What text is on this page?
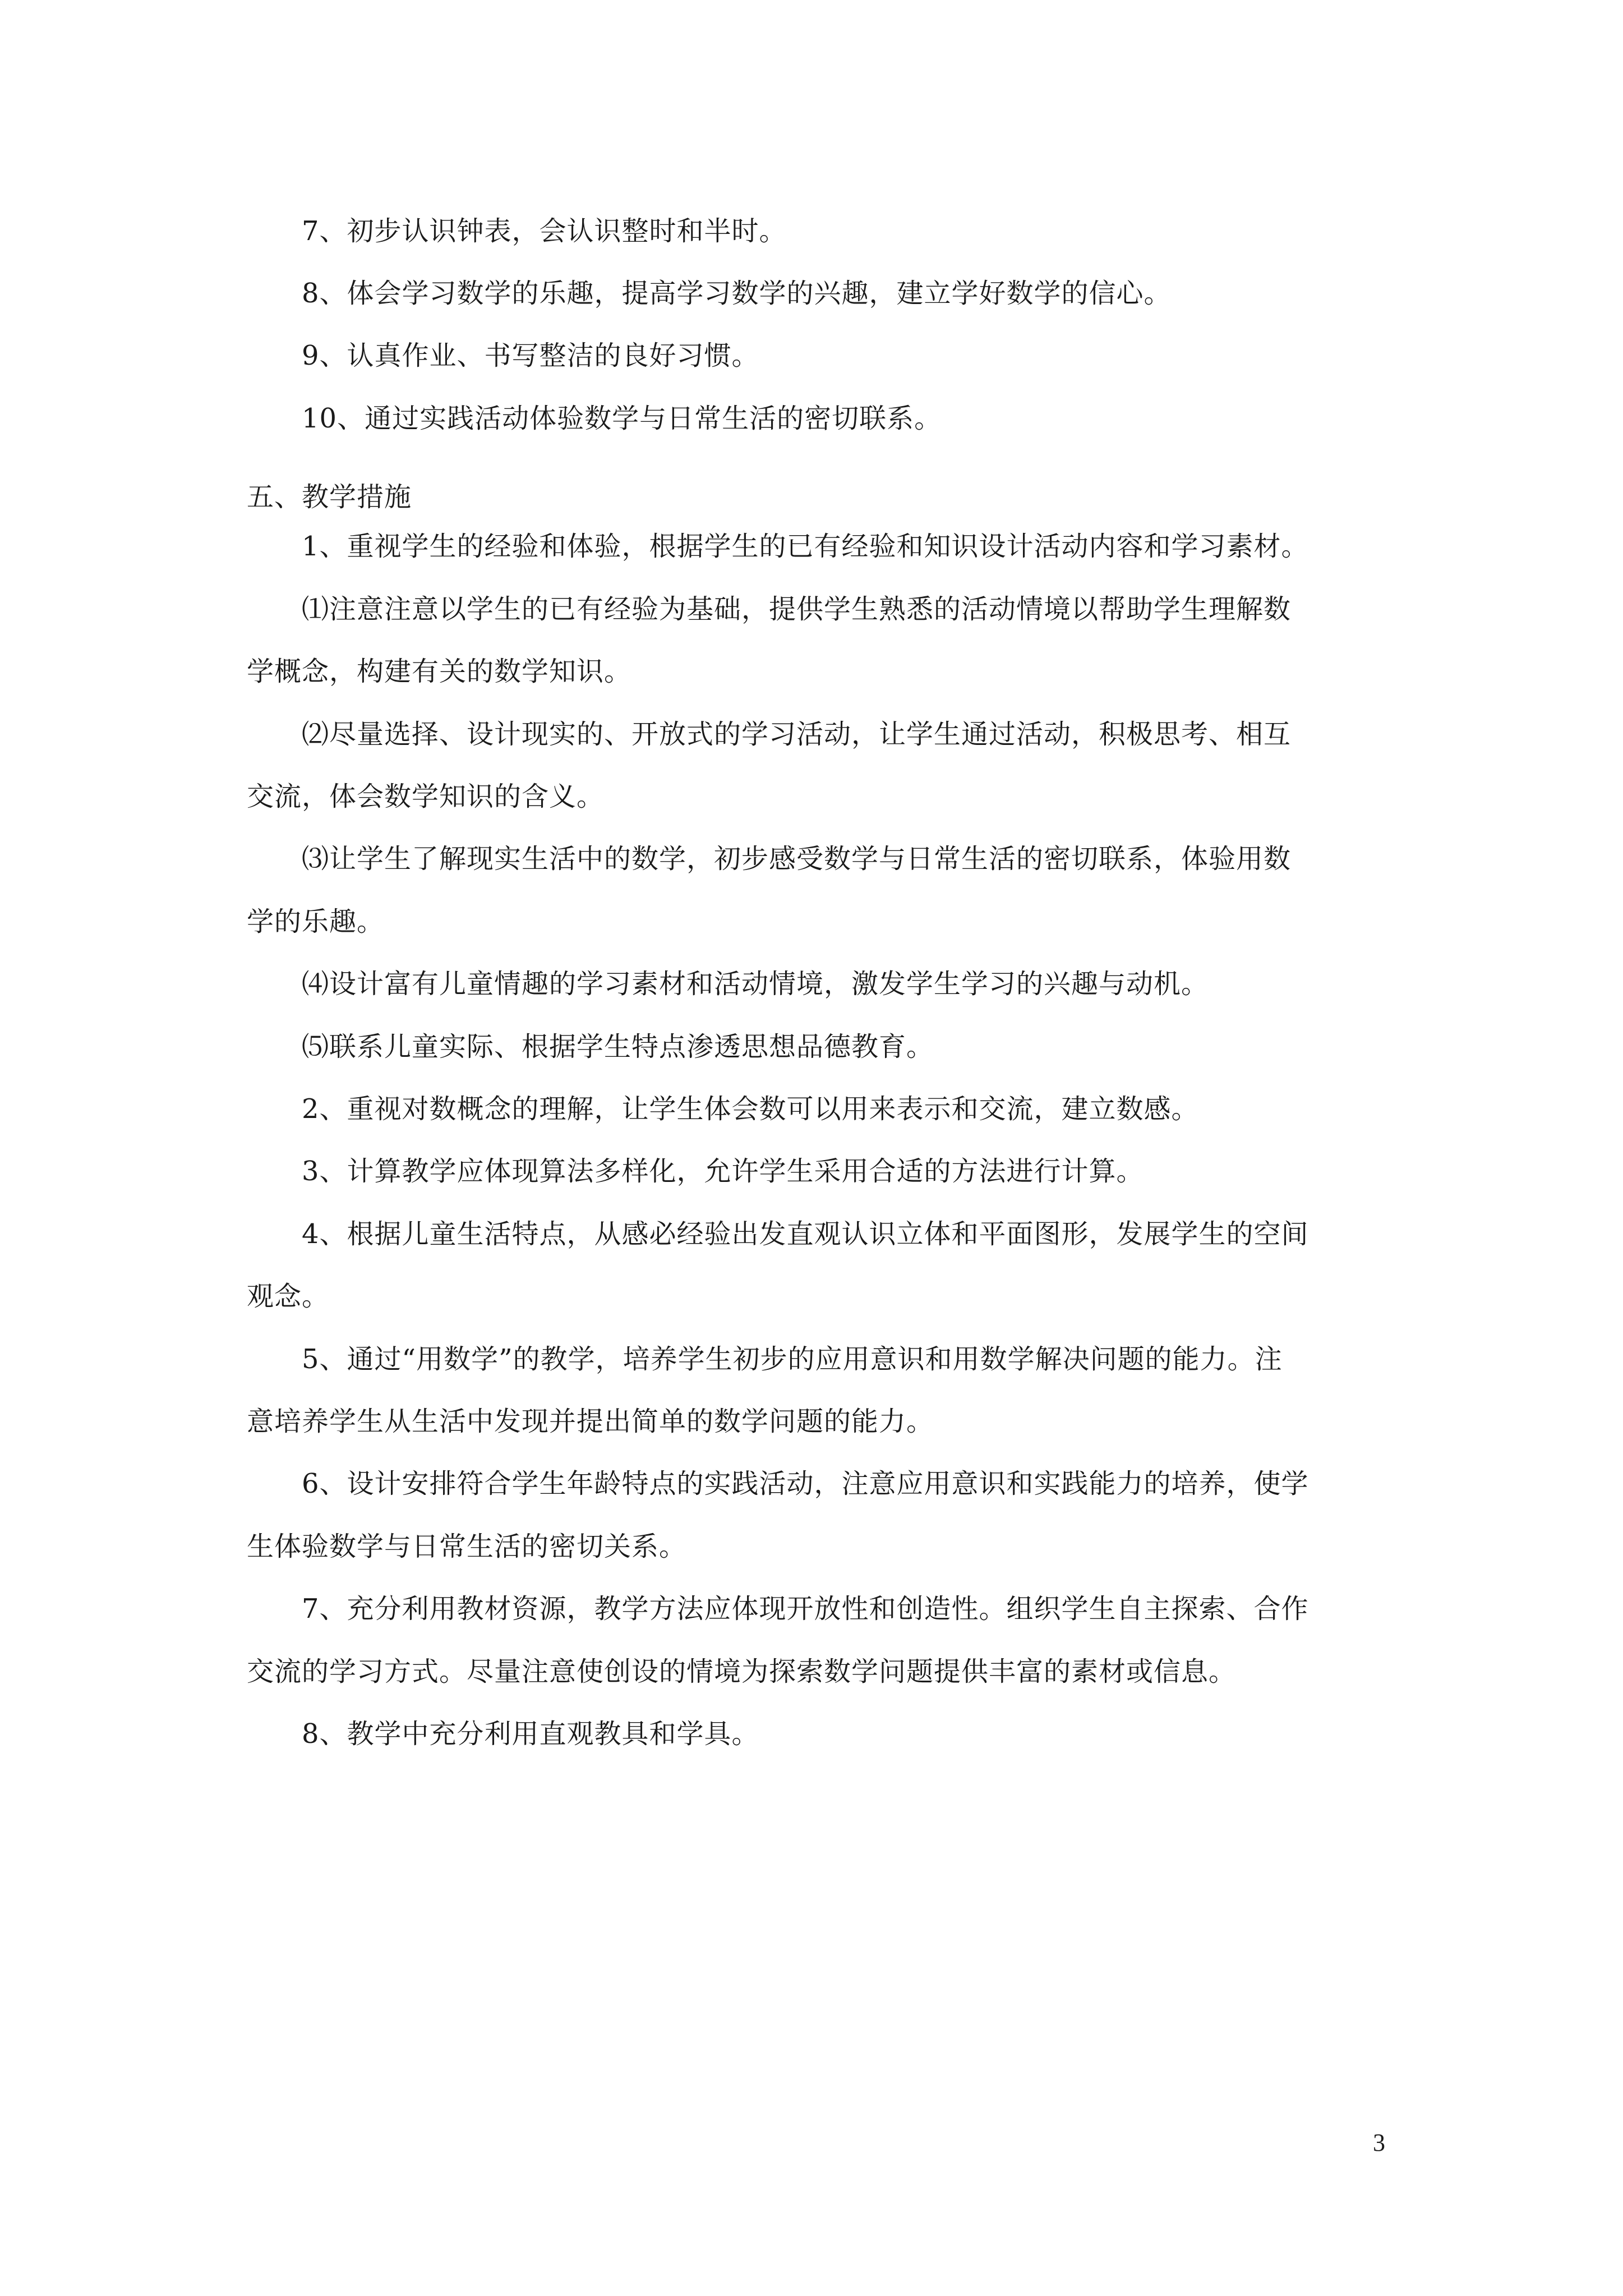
7、初步认识钟表，会认识整时和半时。
8、体会学习数学的乐趣，提高学习数学的兴趣，建立学好数学的信心。
9、认真作业、书写整洁的良好习惯。
10、通过实践活动体验数学与日常生活的密切联系。
五、教学措施
1、重视学生的经验和体验，根据学生的已有经验和知识设计活动内容和学习素材。
⑴注意注意以学生的已有经验为基础，提供学生熟悉的活动情境以帮助学生理解数
学概念，构建有关的数学知识。
⑵尽量选择、设计现实的、开放式的学习活动，让学生通过活动，积极思考、相互
交流，体会数学知识的含义。
⑶让学生了解现实生活中的数学，初步感受数学与日常生活的密切联系，体验用数
学的乐趣。
⑷设计富有儿童情趣的学习素材和活动情境，激发学生学习的兴趣与动机。
⑸联系儿童实际、根据学生特点渗透思想品德教育。
2、重视对数概念的理解，让学生体会数可以用来表示和交流，建立数感。
3、计算教学应体现算法多样化，允许学生采用合适的方法进行计算。
4、根据儿童生活特点，从感必经验出发直观认识立体和平面图形，发展学生的空间
观念。
5、通过“用数学”的教学，培养学生初步的应用意识和用数学解决问题的能力。注
意培养学生从生活中发现并提出简单的数学问题的能力。
6、设计安排符合学生年龄特点的实践活动，注意应用意识和实践能力的培养，使学
生体验数学与日常生活的密切关系。
7、充分利用教材资源，教学方法应体现开放性和创造性。组织学生自主探索、合作
交流的学习方式。尽量注意使创设的情境为探索数学问题提供丰富的素材或信息。
8、教学中充分利用直观教具和学具。
3
